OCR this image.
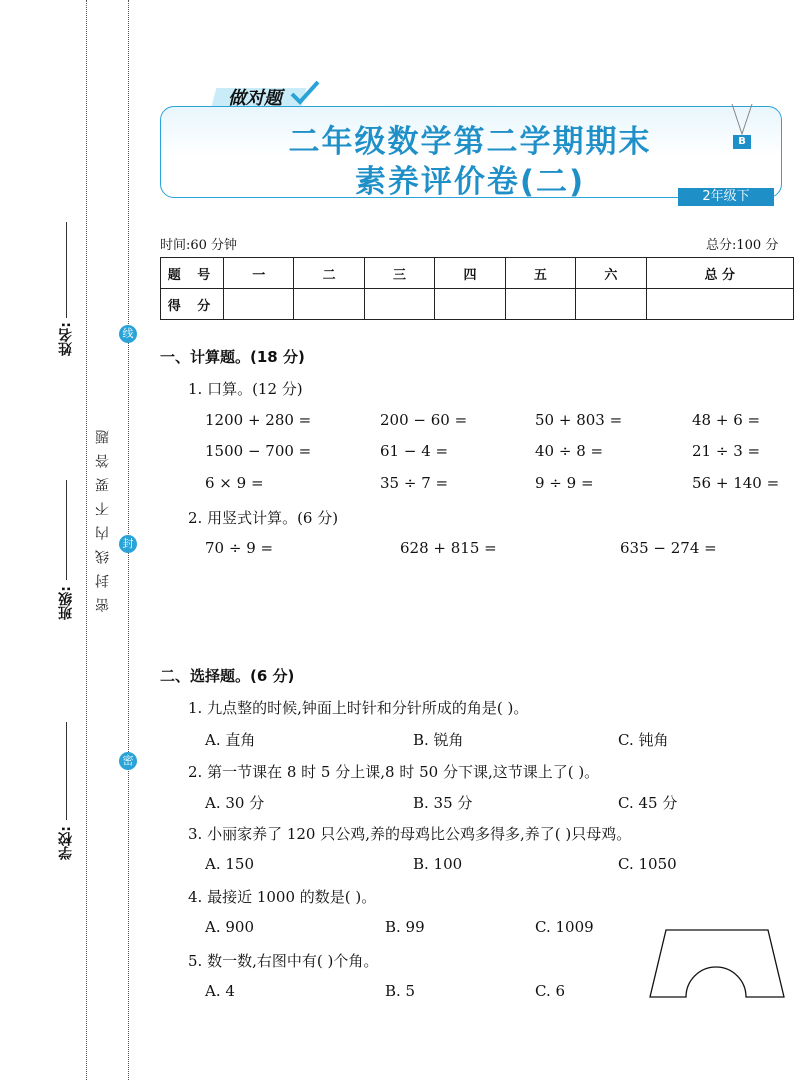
姓名:
班级:
学校:
密封线内不要答题
线
封
密
做对题
二年级数学第二学期期末
素养评价卷(二)
B
2年级下
时间:60 分钟	总分:100 分
题 号	一	二	三	四	五	六	总 分
得 分							
一、计算题。(18 分)
1. 口算。(12 分)
1200 + 280 =	200 − 60 =	50 + 803 =	48 + 6 =
1500 − 700 =	61 − 4 =	40 ÷ 8 =	21 ÷ 3 =
6 × 9 =	35 ÷ 7 =	9 ÷ 9 =	56 + 140 =
2. 用竖式计算。(6 分)
70 ÷ 9 =	628 + 815 =	635 − 274 =
二、选择题。(6 分)
1. 九点整的时候,钟面上时针和分针所成的角是( )。
A. 直角	B. 锐角	C. 钝角
2. 第一节课在 8 时 5 分上课,8 时 50 分下课,这节课上了( )。
A. 30 分	B. 35 分	C. 45 分
3. 小丽家养了 120 只公鸡,养的母鸡比公鸡多得多,养了( )只母鸡。
A. 150	B. 100	C. 1050
4. 最接近 1000 的数是( )。
A. 900	B. 99	C. 1009
5. 数一数,右图中有( )个角。
A. 4	B. 5	C. 6
